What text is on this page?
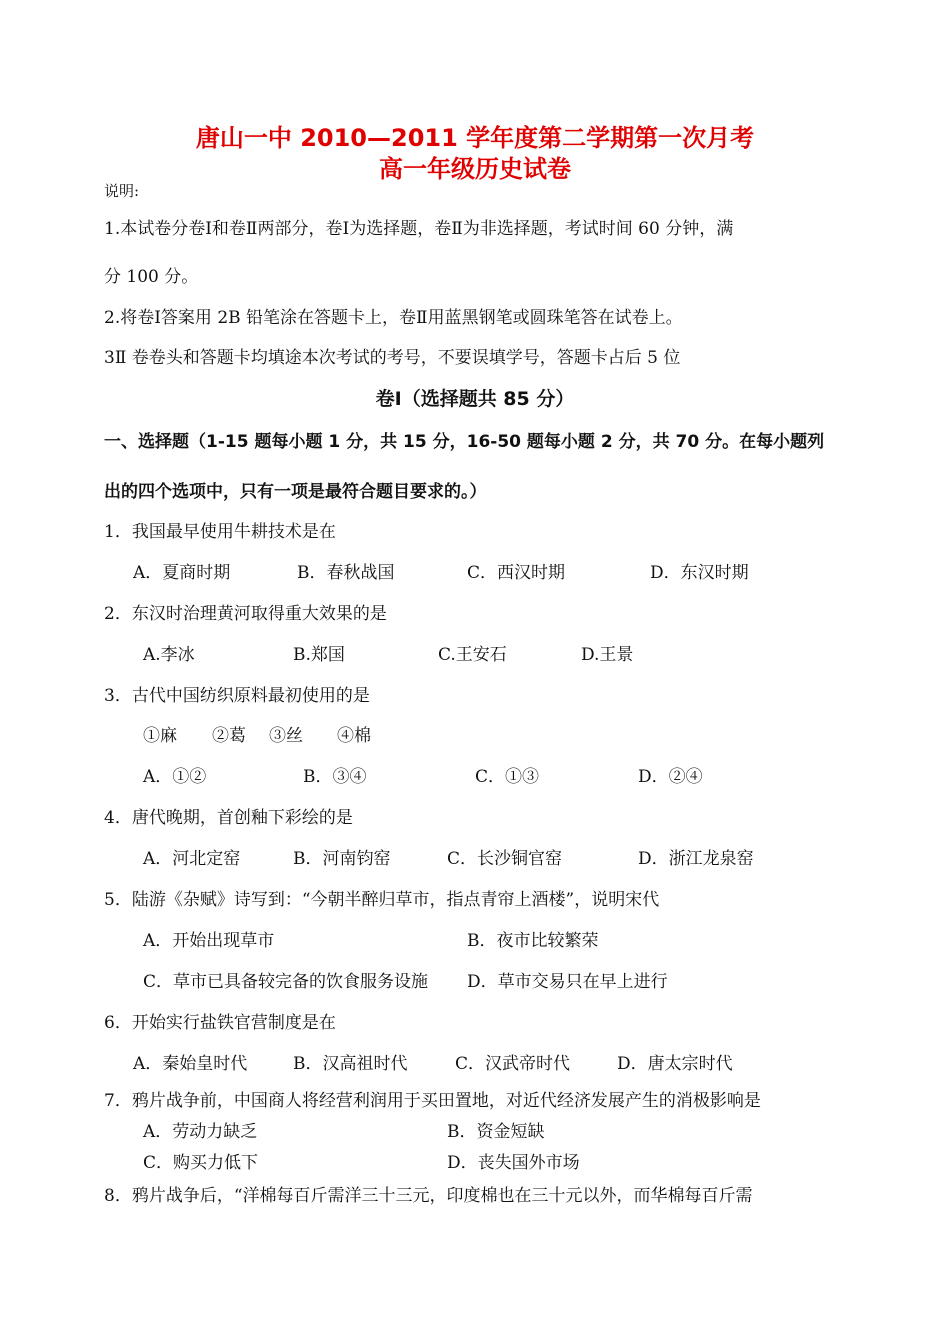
唐山一中 2010—2011 学年度第二学期第一次月考
高一年级历史试卷
说明:
1.本试卷分卷Ⅰ和卷Ⅱ两部分，卷Ⅰ为选择题，卷Ⅱ为非选择题，考试时间 60 分钟，满
分 100 分。
2.将卷Ⅰ答案用 2B 铅笔涂在答题卡上，卷Ⅱ用蓝黑钢笔或圆珠笔答在试卷上。
3Ⅱ 卷卷头和答题卡均填途本次考试的考号，不要误填学号，答题卡占后 5 位
卷Ⅰ（选择题共 85 分）
一、选择题（1-15 题每小题 1 分，共 15 分，16-50 题每小题 2 分，共 70 分。在每小题列
出的四个选项中，只有一项是最符合题目要求的。）
1．我国最早使用牛耕技术是在
A．夏商时期	B．春秋战国	C．西汉时期	D．东汉时期
2．东汉时治理黄河取得重大效果的是
A.李冰	B.郑国	C.王安石	D.王景
3．古代中国纺织原料最初使用的是
①麻 ②葛 ③丝 ④棉
A．①②	B．③④	C．①③	D．②④
4．唐代晚期，首创釉下彩绘的是
A．河北定窑	B．河南钧窑	C．长沙铜官窑	D．浙江龙泉窑
5．陆游《杂赋》诗写到：“今朝半醉归草市，指点青帘上酒楼”，说明宋代
A．开始出现草市	B．夜市比较繁荣
C．草市已具备较完备的饮食服务设施 D．草市交易只在早上进行
6．开始实行盐铁官营制度是在
A．秦始皇时代	B．汉高祖时代	C．汉武帝时代	D．唐太宗时代
7．鸦片战争前，中国商人将经营利润用于买田置地，对近代经济发展产生的消极影响是
A．劳动力缺乏	B．资金短缺
C．购买力低下	D．丧失国外市场
8．鸦片战争后，“洋棉每百斤需洋三十三元，印度棉也在三十元以外，而华棉每百斤需
